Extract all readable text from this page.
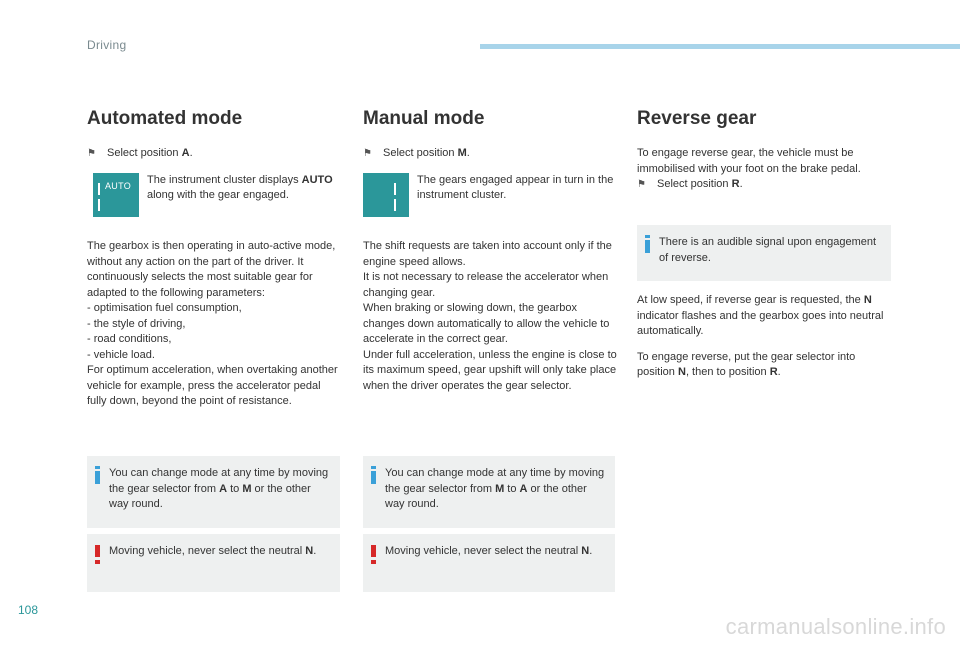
Driving
Automated mode
⚑	Select position A.
AUTO The instrument cluster displays AUTO along with the gear engaged.

The gearbox is then operating in auto-active mode, without any action on the part of the driver. It continuously selects the most suitable gear for adapted to the following parameters:

- optimisation fuel consumption,

- the style of driving,

- road conditions,

- vehicle load.

For optimum acceleration, when overtaking another vehicle for example, press the accelerator pedal fully down, beyond the point of resistance.

You can change mode at any time by moving the gear selector from A to M or the other way round.
Moving vehicle, never select the neutral N.
Manual mode
⚑	Select position M.
The gears engaged appear in turn in the instrument cluster.

The shift requests are taken into account only if the engine speed allows.
It is not necessary to release the accelerator when changing gear.
When braking or slowing down, the gearbox changes down automatically to allow the vehicle to accelerate in the correct gear.
Under full acceleration, unless the engine is close to its maximum speed, gear upshift will only take place when the driver operates the gear selector.

You can change mode at any time by moving the gear selector from M to A or the other way round.
Moving vehicle, never select the neutral N.
Reverse gear

To engage reverse gear, the vehicle must be immobilised with your foot on the brake pedal.

⚑	Select position R.
There is an audible signal upon engagement of reverse.

At low speed, if reverse gear is requested, the N indicator flashes and the gearbox goes into neutral automatically.

To engage reverse, put the gear selector into position N, then to position R.

108
carmanualsonline.info
